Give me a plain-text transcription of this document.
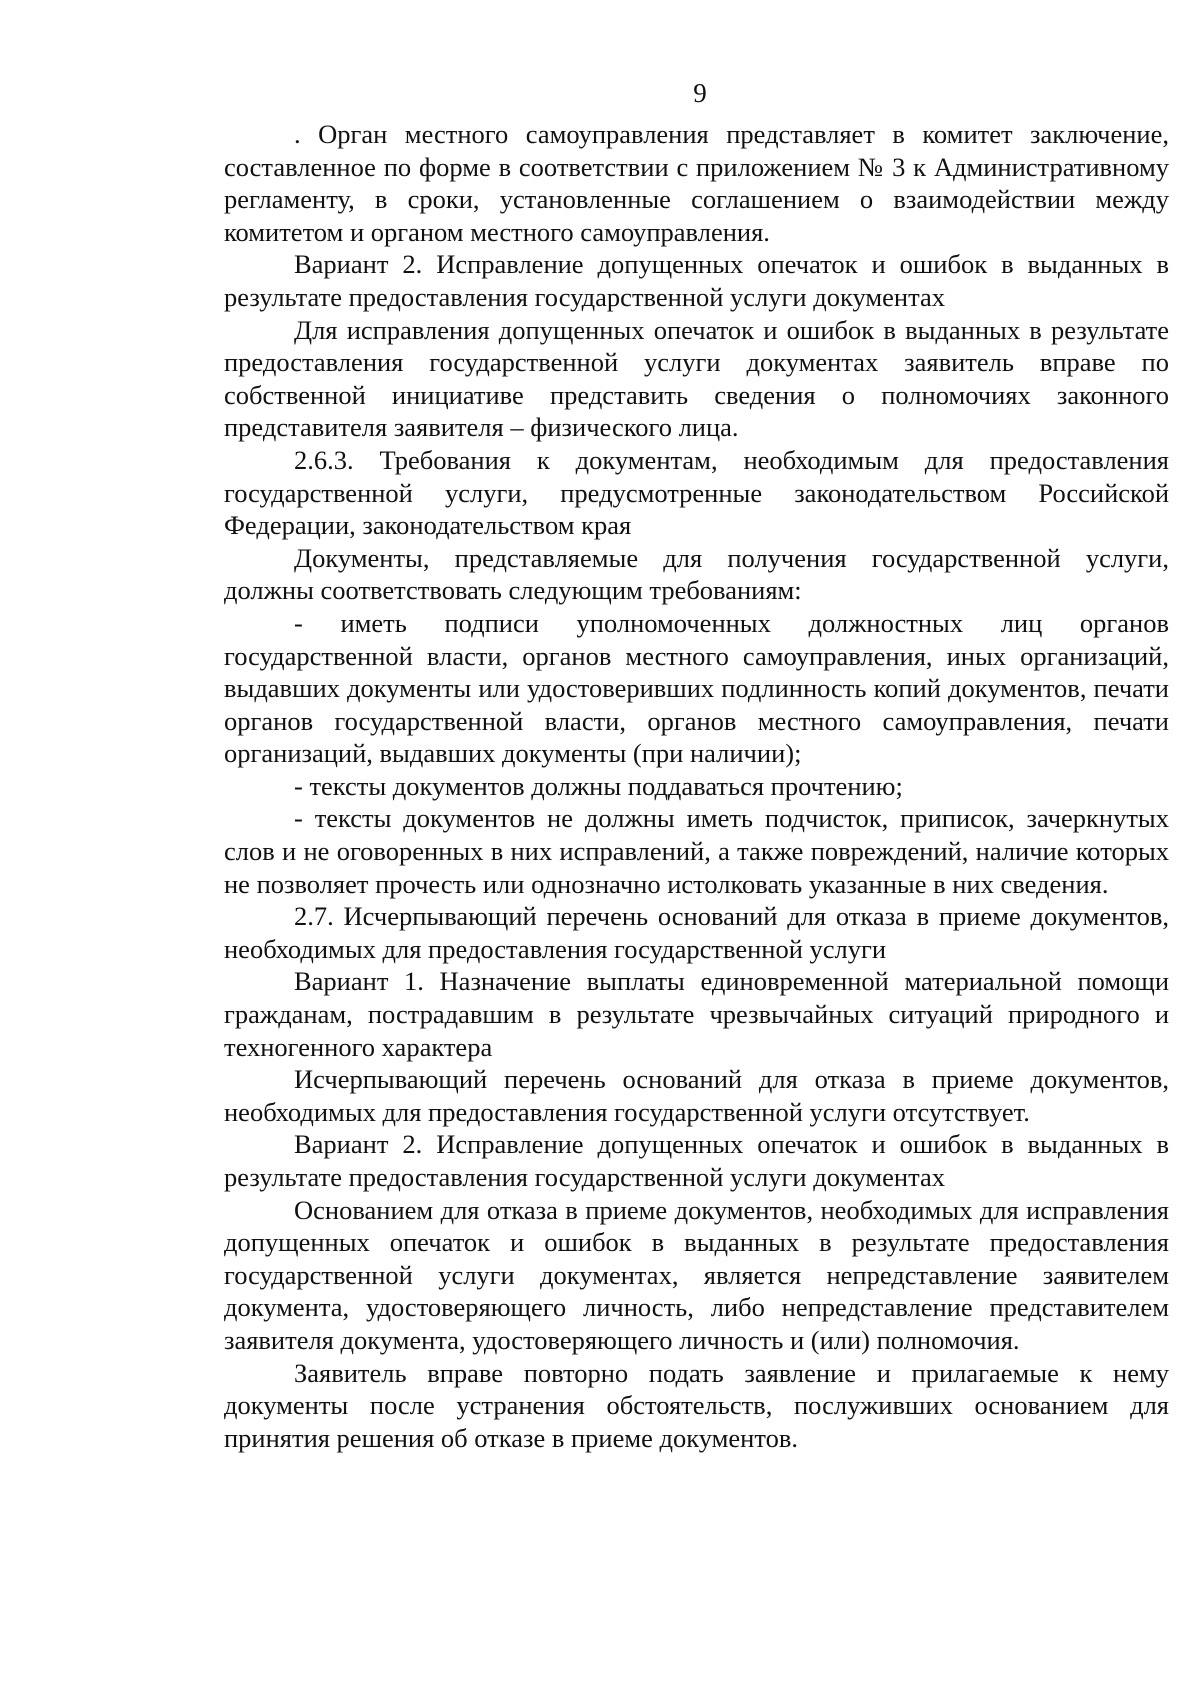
9

. Орган местного самоуправления представляет в комитет заключение, составленное по форме в соответствии с приложением № 3 к Административному регламенту, в сроки, установленные соглашением о взаимодействии между комитетом и органом местного самоуправления.

Вариант 2. Исправление допущенных опечаток и ошибок в выданных в результате предоставления государственной услуги документах

Для исправления допущенных опечаток и ошибок в выданных в результате предоставления государственной услуги документах заявитель вправе по собственной инициативе представить сведения о полномочиях законного представителя заявителя – физического лица.

2.6.3. Требования к документам, необходимым для предоставления государственной услуги, предусмотренные законодательством Российской Федерации, законодательством края

Документы, представляемые для получения государственной услуги, должны соответствовать следующим требованиям:

- иметь подписи уполномоченных должностных лиц органов государственной власти, органов местного самоуправления, иных организаций, выдавших документы или удостоверивших подлинность копий документов, печати органов государственной власти, органов местного самоуправления, печати организаций, выдавших документы (при наличии);

- тексты документов должны поддаваться прочтению;

- тексты документов не должны иметь подчисток, приписок, зачеркнутых слов и не оговоренных в них исправлений, а также повреждений, наличие которых не позволяет прочесть или однозначно истолковать указанные в них сведения.

2.7. Исчерпывающий перечень оснований для отказа в приеме документов, необходимых для предоставления государственной услуги

Вариант 1. Назначение выплаты единовременной материальной помощи гражданам, пострадавшим в результате чрезвычайных ситуаций природного и техногенного характера

Исчерпывающий перечень оснований для отказа в приеме документов, необходимых для предоставления государственной услуги отсутствует.

Вариант 2. Исправление допущенных опечаток и ошибок в выданных в результате предоставления государственной услуги документах

Основанием для отказа в приеме документов, необходимых для исправления допущенных опечаток и ошибок в выданных в результате предоставления государственной услуги документах, является непредставление заявителем документа, удостоверяющего личность, либо непредставление представителем заявителя документа, удостоверяющего личность и (или) полномочия.

Заявитель вправе повторно подать заявление и прилагаемые к нему документы после устранения обстоятельств, послуживших основанием для принятия решения об отказе в приеме документов.
